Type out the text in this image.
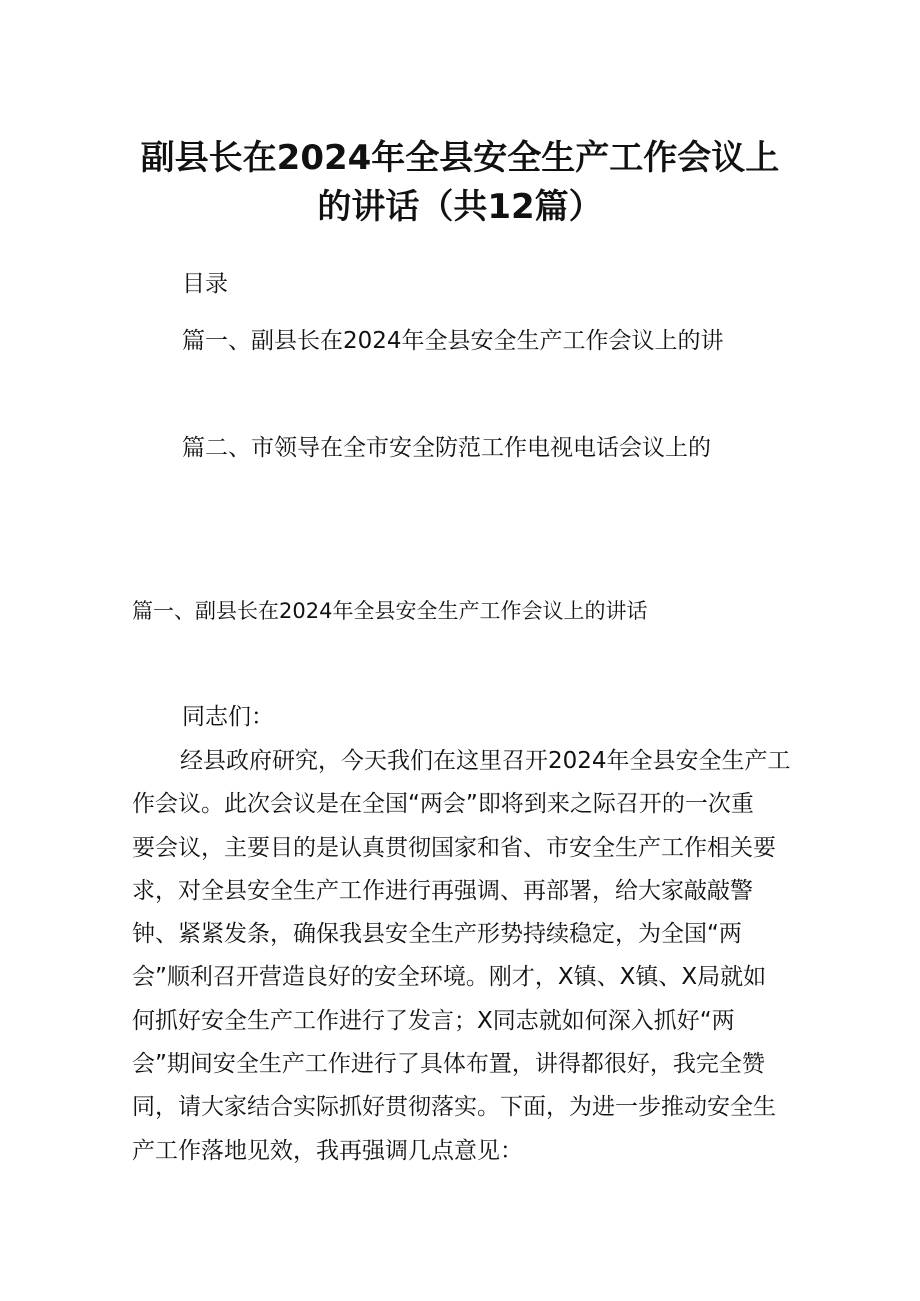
副县长在2024年全县安全生产工作会议上
的讲话（共12篇）
目录
篇一、副县长在2024年全县安全生产工作会议上的讲
篇二、市领导在全市安全防范工作电视电话会议上的
篇一、副县长在2024年全县安全生产工作会议上的讲话
同志们：
经县政府研究，今天我们在这里召开2024年全县安全生产工
作会议。此次会议是在全国“两会”即将到来之际召开的一次重
要会议，主要目的是认真贯彻国家和省、市安全生产工作相关要
求，对全县安全生产工作进行再强调、再部署，给大家敲敲警
钟、紧紧发条，确保我县安全生产形势持续稳定，为全国“两
会”顺利召开营造良好的安全环境。刚才，X镇、X镇、X局就如
何抓好安全生产工作进行了发言；X同志就如何深入抓好“两
会”期间安全生产工作进行了具体布置，讲得都很好，我完全赞
同，请大家结合实际抓好贯彻落实。下面，为进一步推动安全生
产工作落地见效，我再强调几点意见：
